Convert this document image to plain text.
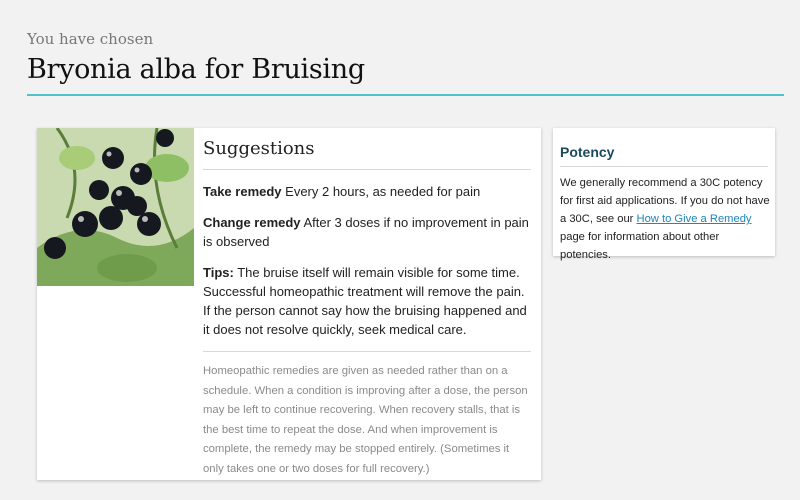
You have chosen

Bryonia alba for Bruising
Suggestions

Take remedy Every 2 hours, as needed for pain

Change remedy After 3 doses if no improvement in pain is observed

Tips: The bruise itself will remain visible for some time. Successful homeopathic treatment will remove the pain. If the person cannot say how the bruising happened and it does not resolve quickly, seek medical care.

Homeopathic remedies are given as needed rather than on a schedule. When a condition is improving after a dose, the person may be left to continue recovering. When recovery stalls, that is the best time to repeat the dose. And when improvement is complete, the remedy may be stopped entirely. (Sometimes it only takes one or two doses for full recovery.)

Potency

We generally recommend a 30C potency for first aid applications. If you do not have a 30C, see our How to Give a Remedy page for information about other potencies.
